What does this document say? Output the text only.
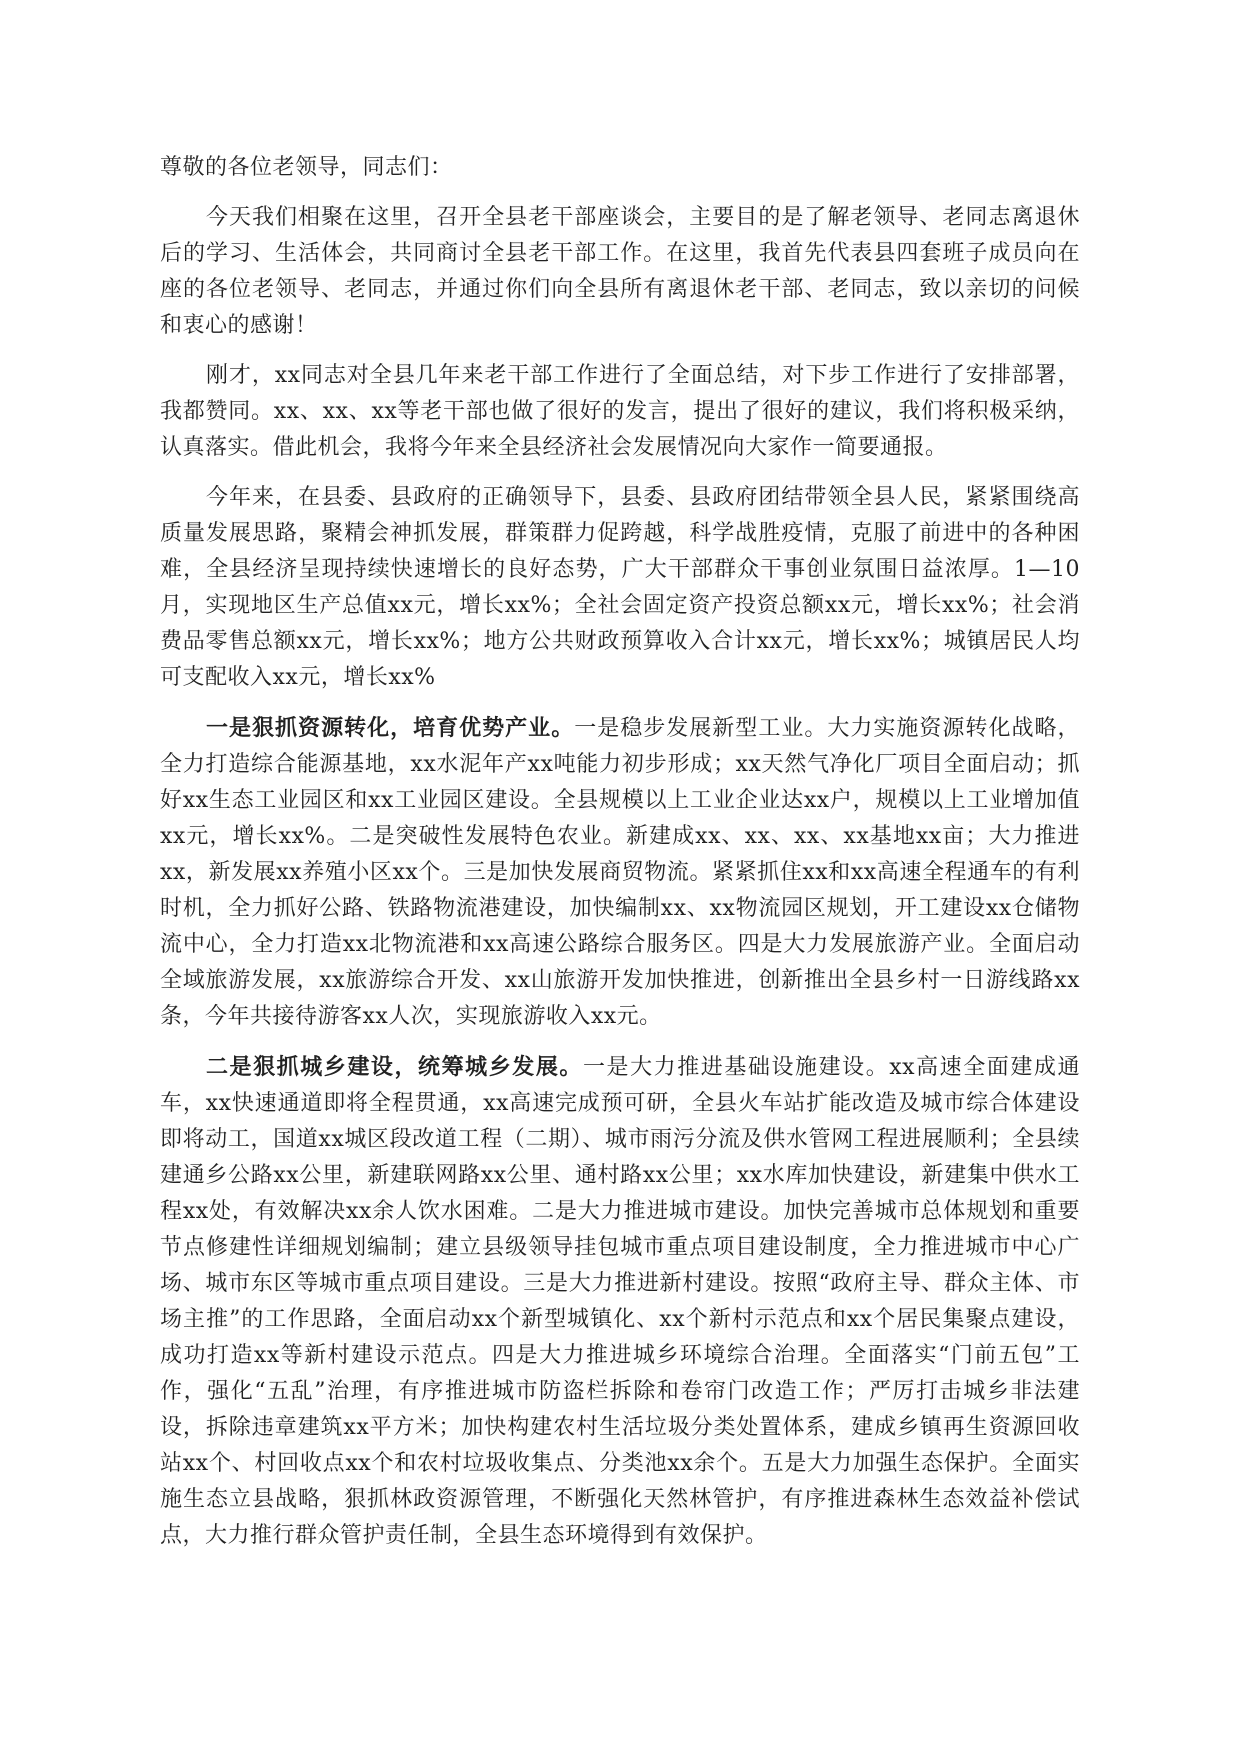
尊敬的各位老领导，同志们：

今天我们相聚在这里，召开全县老干部座谈会，主要目的是了解老领导、老同志离退休后的学习、生活体会，共同商讨全县老干部工作。在这里，我首先代表县四套班子成员向在座的各位老领导、老同志，并通过你们向全县所有离退休老干部、老同志，致以亲切的问候和衷心的感谢！

刚才，xx同志对全县几年来老干部工作进行了全面总结，对下步工作进行了安排部署，我都赞同。xx、xx、xx等老干部也做了很好的发言，提出了很好的建议，我们将积极采纳，认真落实。借此机会，我将今年来全县经济社会发展情况向大家作一简要通报。

今年来，在县委、县政府的正确领导下，县委、县政府团结带领全县人民，紧紧围绕高质量发展思路，聚精会神抓发展，群策群力促跨越，科学战胜疫情，克服了前进中的各种困难，全县经济呈现持续快速增长的良好态势，广大干部群众干事创业氛围日益浓厚。1—10月，实现地区生产总值xx元，增长xx%；全社会固定资产投资总额xx元，增长xx%；社会消费品零售总额xx元，增长xx%；地方公共财政预算收入合计xx元，增长xx%；城镇居民人均可支配收入xx元，增长xx%

一是狠抓资源转化，培育优势产业。一是稳步发展新型工业。大力实施资源转化战略，全力打造综合能源基地，xx水泥年产xx吨能力初步形成；xx天然气净化厂项目全面启动；抓好xx生态工业园区和xx工业园区建设。全县规模以上工业企业达xx户，规模以上工业增加值xx元，增长xx%。二是突破性发展特色农业。新建成xx、xx、xx、xx基地xx亩；大力推进xx，新发展xx养殖小区xx个。三是加快发展商贸物流。紧紧抓住xx和xx高速全程通车的有利时机，全力抓好公路、铁路物流港建设，加快编制xx、xx物流园区规划，开工建设xx仓储物流中心，全力打造xx北物流港和xx高速公路综合服务区。四是大力发展旅游产业。全面启动全域旅游发展，xx旅游综合开发、xx山旅游开发加快推进，创新推出全县乡村一日游线路xx条，今年共接待游客xx人次，实现旅游收入xx元。

二是狠抓城乡建设，统筹城乡发展。一是大力推进基础设施建设。xx高速全面建成通车，xx快速通道即将全程贯通，xx高速完成预可研，全县火车站扩能改造及城市综合体建设即将动工，国道xx城区段改道工程（二期）、城市雨污分流及供水管网工程进展顺利；全县续建通乡公路xx公里，新建联网路xx公里、通村路xx公里；xx水库加快建设，新建集中供水工程xx处，有效解决xx余人饮水困难。二是大力推进城市建设。加快完善城市总体规划和重要节点修建性详细规划编制；建立县级领导挂包城市重点项目建设制度，全力推进城市中心广场、城市东区等城市重点项目建设。三是大力推进新村建设。按照“政府主导、群众主体、市场主推”的工作思路，全面启动xx个新型城镇化、xx个新村示范点和xx个居民集聚点建设，成功打造xx等新村建设示范点。四是大力推进城乡环境综合治理。全面落实“门前五包”工作，强化“五乱”治理，有序推进城市防盗栏拆除和卷帘门改造工作；严厉打击城乡非法建设，拆除违章建筑xx平方米；加快构建农村生活垃圾分类处置体系，建成乡镇再生资源回收站xx个、村回收点xx个和农村垃圾收集点、分类池xx余个。五是大力加强生态保护。全面实施生态立县战略，狠抓林政资源管理，不断强化天然林管护，有序推进森林生态效益补偿试点，大力推行群众管护责任制，全县生态环境得到有效保护。
